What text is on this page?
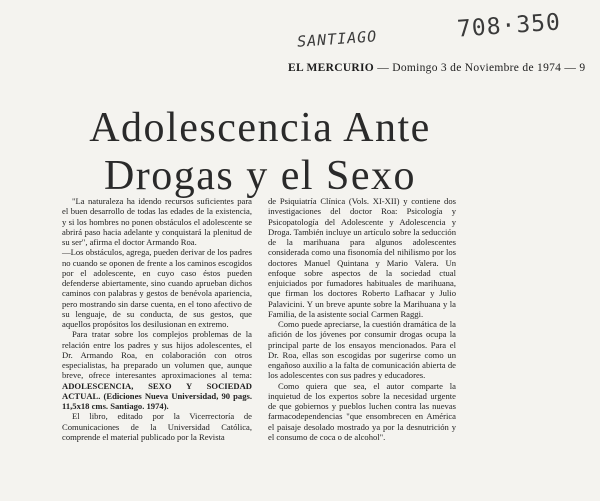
SANTIAGO	708·350
EL MERCURIO — Domingo 3 de Noviembre de 1974 — 9
Adolescencia Ante
Drogas y el Sexo

"La naturaleza ha idendo recursos suficientes para el buen desarrollo de todas las edades de la existencia, y si los hombres no ponen obstáculos el adolescente se abrirá paso hacia adelante y conquistará la plenitud de su ser", afirma el doctor Armando Roa.

—Los obstáculos, agrega, pueden derivar de los padres no cuando se oponen de frente a los caminos escogidos por el adolescente, en cuyo caso éstos pueden defenderse abiertamente, sino cuando aprueban dichos caminos con palabras y gestos de benévola apariencia, pero mostrando sin darse cuenta, en el tono afectivo de su lenguaje, de su conducta, de sus gestos, que aquellos propósitos los desilusionan en extremo.

Para tratar sobre los complejos problemas de la relación entre los padres y sus hijos adolescentes, el Dr. Armando Roa, en colaboración con otros especialistas, ha preparado un volumen que, aunque breve, ofrece interesantes aproximaciones al tema: ADOLESCENCIA, SEXO Y SOCIEDAD ACTUAL. (Ediciones Nueva Universidad, 90 pags. 11,5x18 cms. Santiago. 1974).

El libro, editado por la Vicerrectoría de Comunicaciones de la Universidad Católica, comprende el material publicado por la Revista

de Psiquiatría Clínica (Vols. XI-XII) y contiene dos investigaciones del doctor Roa: Psicología y Psicopatología del Adolescente y Adolescencia y Droga. También incluye un artículo sobre la seducción de la marihuana para algunos adolescentes considerada como una fisonomía del nihilismo por los doctores Manuel Quintana y Mario Valera. Un enfoque sobre aspectos de la sociedad ctual enjuiciados por fumadores habituales de marihuana, que firman los doctores Roberto Lafhacar y Julio Palavicini. Y un breve apunte sobre la Marihuana y la Familia, de la asistente social Carmen Raggi.

Como puede apreciarse, la cuestión dramática de la afición de los jóvenes por consumir drogas ocupa la principal parte de los ensayos mencionados. Para el Dr. Roa, ellas son escogidas por sugerirse como un engañoso auxilio a la falta de comunicación abierta de los adolescentes con sus padres y educadores.

Como quiera que sea, el autor comparte la inquietud de los expertos sobre la necesidad urgente de que gobiernos y pueblos luchen contra las nuevas farmacodependencias "que ensombrecen en América el paisaje desolado mostrado ya por la desnutrición y el consumo de coca o de alcohol".
